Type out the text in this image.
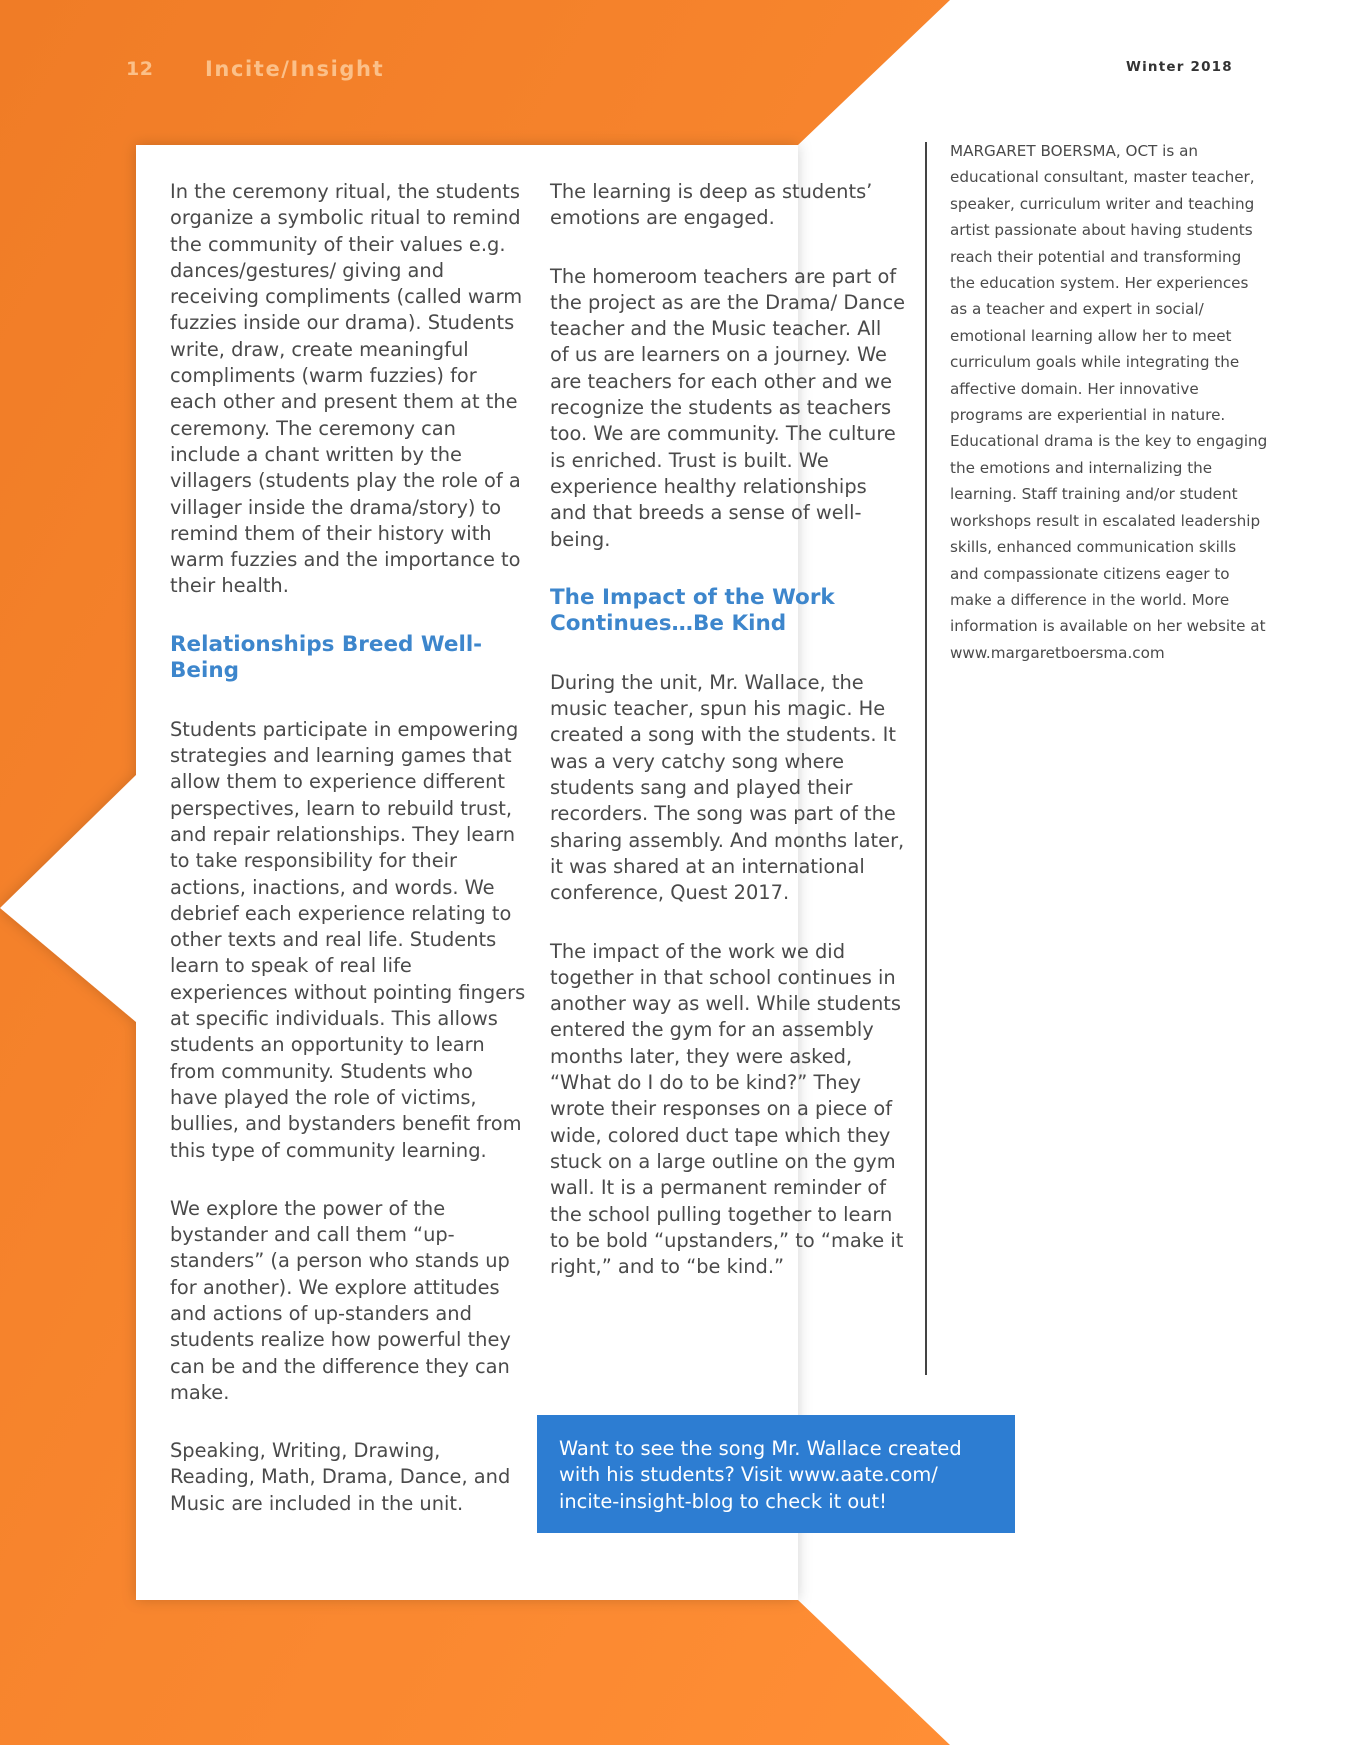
12 Incite/Insight	Winter 2018

In the ceremony ritual, the students organize a symbolic ritual to remind the community of their values e.g. dances/gestures/ giving and receiving compliments (called warm fuzzies inside our drama). Students write, draw, create meaningful compliments (warm fuzzies) for each other and present them at the ceremony. The ceremony can include a chant written by the villagers (students play the role of a villager inside the drama/story) to remind them of their history with warm fuzzies and the importance to their health.

Relationships Breed Well-Being

Students participate in empowering strategies and learning games that allow them to experience different perspectives, learn to rebuild trust, and repair relationships. They learn to take responsibility for their actions, inactions, and words. We debrief each experience relating to other texts and real life. Students learn to speak of real life experiences without pointing fingers at specific individuals. This allows students an opportunity to learn from community. Students who have played the role of victims, bullies, and bystanders benefit from this type of community learning.

We explore the power of the bystander and call them “up-standers” (a person who stands up for another). We explore attitudes and actions of up-standers and students realize how powerful they can be and the difference they can make.

Speaking, Writing, Drawing, Reading, Math, Drama, Dance, and Music are included in the unit.

The learning is deep as students’ emotions are engaged.

The homeroom teachers are part of the project as are the Drama/ Dance teacher and the Music teacher. All of us are learners on a journey. We are teachers for each other and we recognize the students as teachers too. We are community. The culture is enriched. Trust is built. We experience healthy relationships and that breeds a sense of well-being.

The Impact of the Work Continues…Be Kind

During the unit, Mr. Wallace, the music teacher, spun his magic. He created a song with the students. It was a very catchy song where students sang and played their recorders. The song was part of the sharing assembly. And months later, it was shared at an international conference, Quest 2017.

The impact of the work we did together in that school continues in another way as well. While students entered the gym for an assembly months later, they were asked, “What do I do to be kind?” They wrote their responses on a piece of wide, colored duct tape which they stuck on a large outline on the gym wall. It is a permanent reminder of the school pulling together to learn to be bold “upstanders,” to “make it right,” and to “be kind.”

MARGARET BOERSMA, OCT is an educational consultant, master teacher, speaker, curriculum writer and teaching artist passionate about having students reach their potential and transforming the education system. Her experiences as a teacher and expert in social/ emotional learning allow her to meet curriculum goals while integrating the affective domain. Her innovative programs are experiential in nature. Educational drama is the key to engaging the emotions and internalizing the learning. Staff training and/or student workshops result in escalated leadership skills, enhanced communication skills and compassionate citizens eager to make a difference in the world. More information is available on her website at www.margaretboersma.com

Want to see the song Mr. Wallace created with his students? Visit www.aate.com/ incite-insight-blog to check it out!
